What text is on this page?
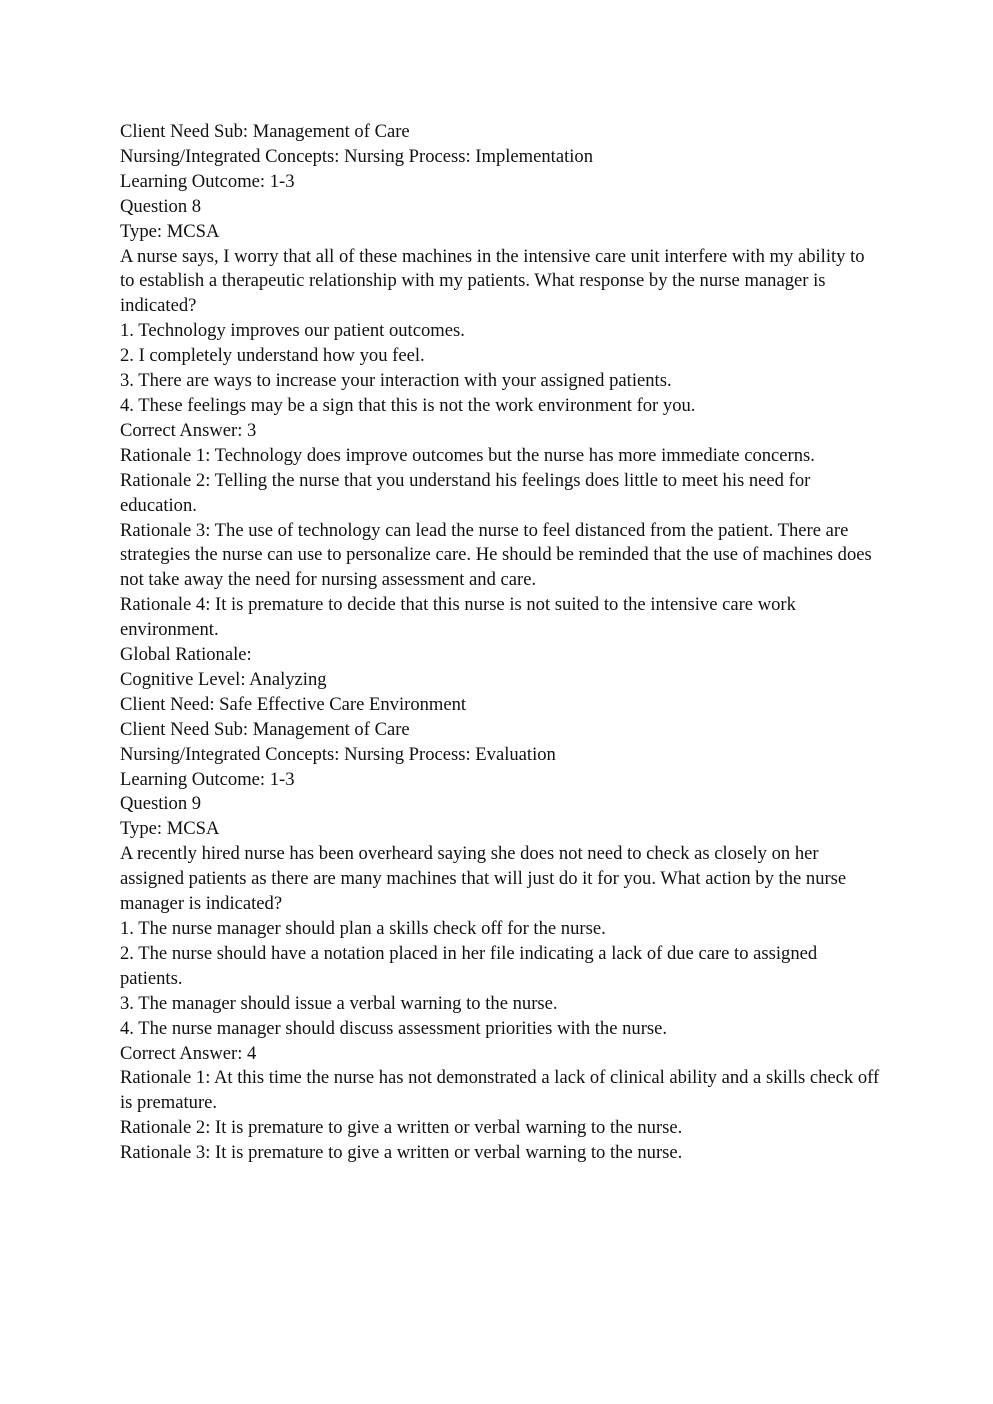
Client Need Sub: Management of Care

Nursing/Integrated Concepts: Nursing Process: Implementation

Learning Outcome: 1-3

Question 8

Type: MCSA

A nurse says, I worry that all of these machines in the intensive care unit interfere with my ability to to establish a therapeutic relationship with my patients. What response by the nurse manager is indicated?

1. Technology improves our patient outcomes.

2. I completely understand how you feel.

3. There are ways to increase your interaction with your assigned patients.

4. These feelings may be a sign that this is not the work environment for you.

Correct Answer: 3

Rationale 1: Technology does improve outcomes but the nurse has more immediate concerns.

Rationale 2: Telling the nurse that you understand his feelings does little to meet his need for education.

Rationale 3: The use of technology can lead the nurse to feel distanced from the patient. There are strategies the nurse can use to personalize care. He should be reminded that the use of machines does not take away the need for nursing assessment and care.

Rationale 4: It is premature to decide that this nurse is not suited to the intensive care work environment.

Global Rationale:

Cognitive Level: Analyzing

Client Need: Safe Effective Care Environment

Client Need Sub: Management of Care

Nursing/Integrated Concepts: Nursing Process: Evaluation

Learning Outcome: 1-3

Question 9

Type: MCSA

A recently hired nurse has been overheard saying she does not need to check as closely on her assigned patients as there are many machines that will just do it for you. What action by the nurse manager is indicated?

1. The nurse manager should plan a skills check off for the nurse.

2. The nurse should have a notation placed in her file indicating a lack of due care to assigned patients.

3. The manager should issue a verbal warning to the nurse.

4. The nurse manager should discuss assessment priorities with the nurse.

Correct Answer: 4

Rationale 1: At this time the nurse has not demonstrated a lack of clinical ability and a skills check off is premature.

Rationale 2: It is premature to give a written or verbal warning to the nurse.

Rationale 3: It is premature to give a written or verbal warning to the nurse.
